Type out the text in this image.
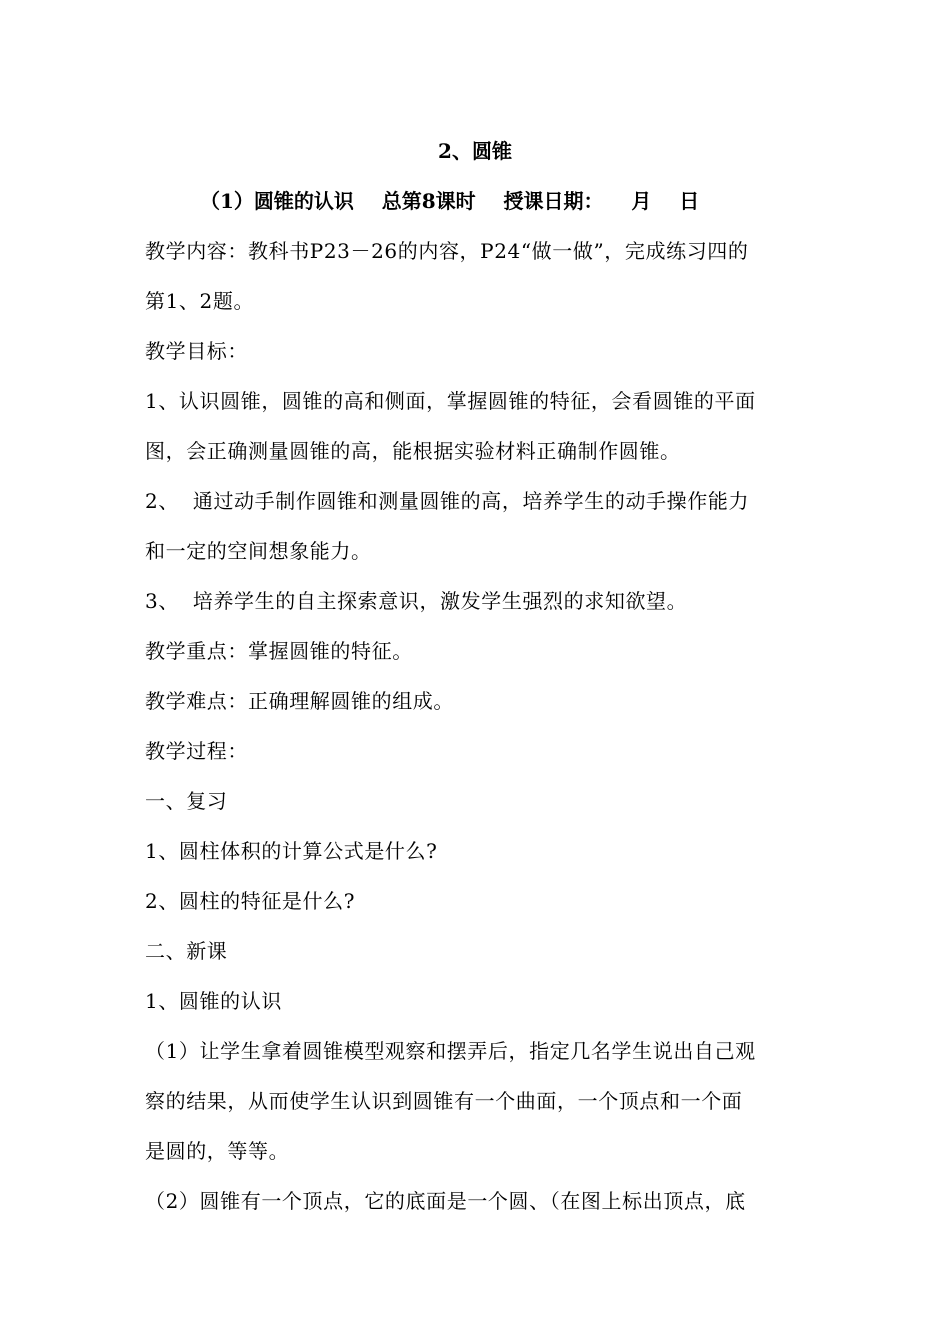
2、圆锥
（1）圆锥的认识    总第8课时    授课日期：    月    日
教学内容：教科书P23－26的内容，P24“做一做”，完成练习四的
第1、2题。
教学目标：
1、认识圆锥，圆锥的高和侧面，掌握圆锥的特征，会看圆锥的平面
图，会正确测量圆锥的高，能根据实验材料正确制作圆锥。
2、  通过动手制作圆锥和测量圆锥的高，培养学生的动手操作能力
和一定的空间想象能力。
3、  培养学生的自主探索意识，激发学生强烈的求知欲望。
教学重点：掌握圆锥的特征。
教学难点：正确理解圆锥的组成。
教学过程：
一、复习
1、圆柱体积的计算公式是什么?
2、圆柱的特征是什么?
二、新课
1、圆锥的认识
（1）让学生拿着圆锥模型观察和摆弄后，指定几名学生说出自己观
察的结果，从而使学生认识到圆锥有一个曲面，一个顶点和一个面
是圆的，等等。
（2）圆锥有一个顶点，它的底面是一个圆、（在图上标出顶点，底
